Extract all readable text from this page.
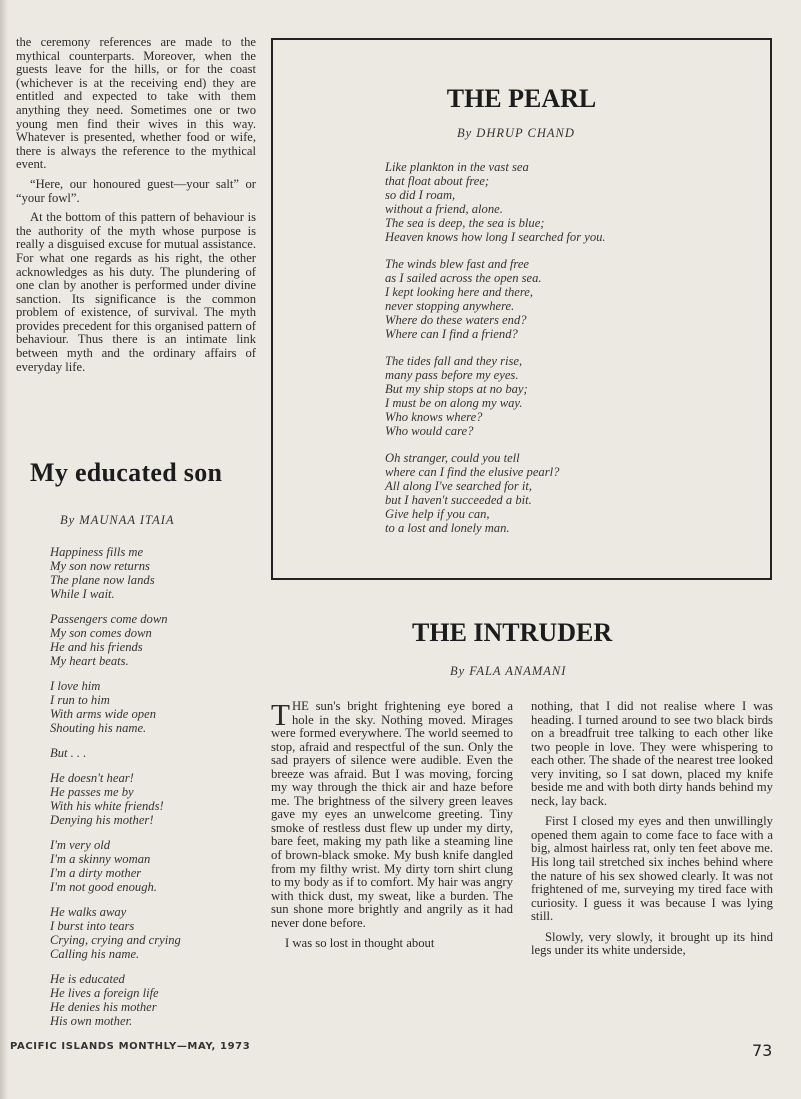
the ceremony references are made to the mythical counterparts. Moreover, when the guests leave for the hills, or for the coast (whichever is at the receiving end) they are entitled and expected to take with them anything they need. Sometimes one or two young men find their wives in this way. Whatever is presented, whether food or wife, there is always the reference to the mythical event.

“Here, our honoured guest—your salt” or “your fowl”.

At the bottom of this pattern of behaviour is the authority of the myth whose purpose is really a disguised excuse for mutual assistance. For what one regards as his right, the other acknowledges as his duty. The plundering of one clan by another is performed under divine sanction. Its significance is the common problem of existence, of survival. The myth provides precedent for this organised pattern of behaviour. Thus there is an intimate link between myth and the ordinary affairs of everyday life.

My educated son
By MAUNAA ITAIA
Happiness fills me
My son now returns
The plane now lands
While I wait.
Passengers come down
My son comes down
He and his friends
My heart beats.
I love him
I run to him
With arms wide open
Shouting his name.
But . . .
He doesn't hear!
He passes me by
With his white friends!
Denying his mother!
I'm very old
I'm a skinny woman
I'm a dirty mother
I'm not good enough.
He walks away
I burst into tears
Crying, crying and crying
Calling his name.
He is educated
He lives a foreign life
He denies his mother
His own mother.
THE PEARL
By DHRUP CHAND
Like plankton in the vast sea
that float about free;
so did I roam,
without a friend, alone.
The sea is deep, the sea is blue;
Heaven knows how long I searched for you.
The winds blew fast and free
as I sailed across the open sea.
I kept looking here and there,
never stopping anywhere.
Where do these waters end?
Where can I find a friend?
The tides fall and they rise,
many pass before my eyes.
But my ship stops at no bay;
I must be on along my way.
Who knows where?
Who would care?
Oh stranger, could you tell
where can I find the elusive pearl?
All along I've searched for it,
but I haven't succeeded a bit.
Give help if you can,
to a lost and lonely man.
THE INTRUDER
By FALA ANAMANI

THE sun's bright frightening eye bored a hole in the sky. Nothing moved. Mirages were formed everywhere. The world seemed to stop, afraid and respectful of the sun. Only the sad prayers of silence were audible. Even the breeze was afraid. But I was moving, forcing my way through the thick air and haze before me. The brightness of the silvery green leaves gave my eyes an unwelcome greeting. Tiny smoke of restless dust flew up under my dirty, bare feet, making my path like a steaming line of brown-black smoke. My bush knife dangled from my filthy wrist. My dirty torn shirt clung to my body as if to comfort. My hair was angry with thick dust, my sweat, like a burden. The sun shone more brightly and angrily as it had never done before.

I was so lost in thought about

nothing, that I did not realise where I was heading. I turned around to see two black birds on a breadfruit tree talking to each other like two people in love. They were whispering to each other. The shade of the nearest tree looked very inviting, so I sat down, placed my knife beside me and with both dirty hands behind my neck, lay back.

First I closed my eyes and then unwillingly opened them again to come face to face with a big, almost hairless rat, only ten feet above me. His long tail stretched six inches behind where the nature of his sex showed clearly. It was not frightened of me, surveying my tired face with curiosity. I guess it was because I was lying still.

Slowly, very slowly, it brought up its hind legs under its white underside,

PACIFIC ISLANDS MONTHLY—MAY, 1973	73
